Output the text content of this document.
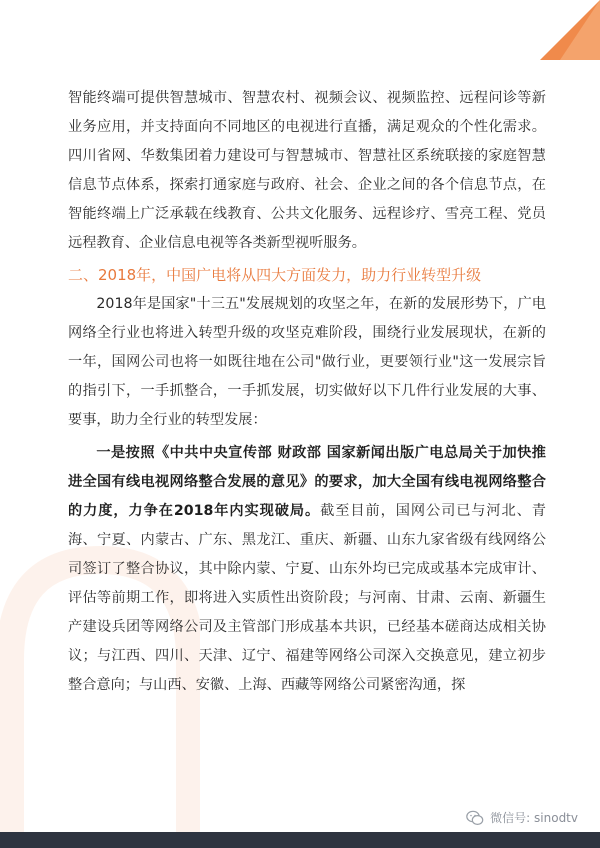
智能终端可提供智慧城市、智慧农村、视频会议、视频监控、远程问诊等新业务应用，并支持面向不同地区的电视进行直播，满足观众的个性化需求。四川省网、华数集团着力建设可与智慧城市、智慧社区系统联接的家庭智慧信息节点体系，探索打通家庭与政府、社会、企业之间的各个信息节点，在智能终端上广泛承载在线教育、公共文化服务、远程诊疗、雪亮工程、党员远程教育、企业信息电视等各类新型视听服务。

二、2018年，中国广电将从四大方面发力，助力行业转型升级

2018年是国家"十三五"发展规划的攻坚之年，在新的发展形势下，广电网络全行业也将进入转型升级的攻坚克难阶段，围绕行业发展现状，在新的一年，国网公司也将一如既往地在公司"做行业，更要领行业"这一发展宗旨的指引下，一手抓整合，一手抓发展，切实做好以下几件行业发展的大事、要事，助力全行业的转型发展：

一是按照《中共中央宣传部 财政部 国家新闻出版广电总局关于加快推进全国有线电视网络整合发展的意见》的要求，加大全国有线电视网络整合的力度，力争在2018年内实现破局。截至目前，国网公司已与河北、青海、宁夏、内蒙古、广东、黑龙江、重庆、新疆、山东九家省级有线网络公司签订了整合协议，其中除内蒙、宁夏、山东外均已完成或基本完成审计、评估等前期工作，即将进入实质性出资阶段；与河南、甘肃、云南、新疆生产建设兵团等网络公司及主管部门形成基本共识，已经基本磋商达成相关协议；与江西、四川、天津、辽宁、福建等网络公司深入交换意见，建立初步整合意向；与山西、安徽、上海、西藏等网络公司紧密沟通，探

微信号: sinodtv
